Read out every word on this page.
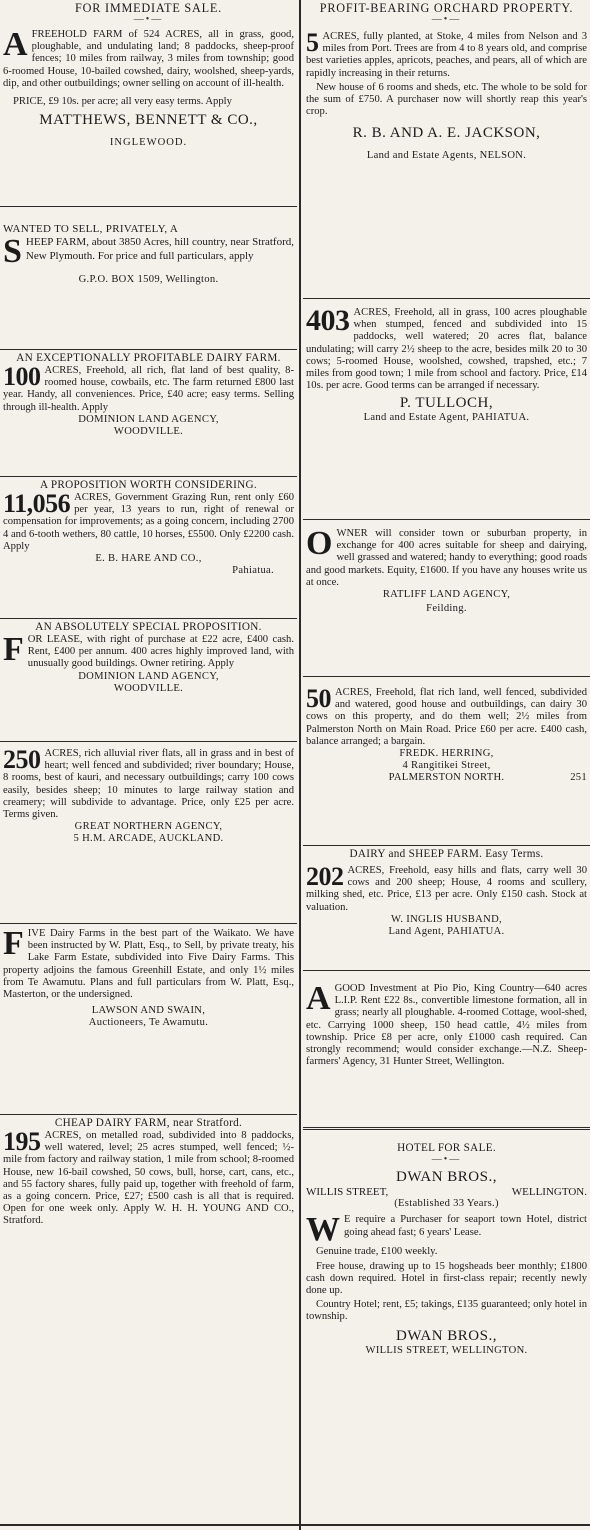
FOR IMMEDIATE SALE.
—•—
A FREEHOLD FARM of 524 ACRES, all in grass, good, ploughable, and undulating land; 8 paddocks, sheep-proof fences; 10 miles from railway, 3 miles from township; good 6-roomed House, 10-bailed cowshed, dairy, woolshed, sheep-yards, dip, and other outbuildings; owner selling on account of ill-health.
PRICE, £9 10s. per acre; all very easy terms. Apply
MATTHEWS, BENNETT & CO.,
INGLEWOOD.
WANTED TO SELL, PRIVATELY, A
S HEEP FARM, about 3850 Acres, hill country, near Stratford, New Plymouth. For price and full particulars, apply
G.P.O. BOX 1509, Wellington.
AN EXCEPTIONALLY PROFITABLE DAIRY FARM.
100 ACRES, Freehold, all rich, flat land of best quality, 8-roomed house, cowbails, etc. The farm returned £800 last year. Handy, all conveniences. Price, £40 acre; easy terms. Selling through ill-health. Apply
DOMINION LAND AGENCY,
WOODVILLE.
A PROPOSITION WORTH CONSIDERING.
11,056 ACRES, Government Grazing Run, rent only £60 per year, 13 years to run, right of renewal or compensation for improvements; as a going concern, including 2700 4 and 6-tooth wethers, 80 cattle, 10 horses, £5500. Only £2200 cash. Apply
E. B. HARE AND CO.,
Pahiatua.
AN ABSOLUTELY SPECIAL PROPOSITION.
F OR LEASE, with right of purchase at £22 acre, £400 cash. Rent, £400 per annum. 400 acres highly improved land, with unusually good buildings. Owner retiring. Apply
DOMINION LAND AGENCY,
WOODVILLE.
250 ACRES, rich alluvial river flats, all in grass and in best of heart; well fenced and subdivided; river boundary; House, 8 rooms, best of kauri, and necessary outbuildings; carry 100 cows easily, besides sheep; 10 minutes to large railway station and creamery; will subdivide to advantage. Price, only £25 per acre. Terms given.
GREAT NORTHERN AGENCY,
5 H.M. ARCADE, AUCKLAND.
F IVE Dairy Farms in the best part of the Waikato. We have been instructed by W. Platt, Esq., to Sell, by private treaty, his Lake Farm Estate, subdivided into Five Dairy Farms. This property adjoins the famous Greenhill Estate, and only 1½ miles from Te Awamutu. Plans and full particulars from W. Platt, Esq., Masterton, or the undersigned.
LAWSON AND SWAIN,
Auctioneers, Te Awamutu.
CHEAP DAIRY FARM, near Stratford.
195 ACRES, on metalled road, subdivided into 8 paddocks, well watered, level; 25 acres stumped, well fenced; ½-mile from factory and railway station, 1 mile from school; 8-roomed House, new 16-bail cowshed, 50 cows, bull, horse, cart, cans, etc., and 55 factory shares, fully paid up, together with freehold of farm, as a going concern. Price, £27; £500 cash is all that is required. Open for one week only. Apply W. H. H. YOUNG AND CO., Stratford.
PROFIT-BEARING ORCHARD PROPERTY.
—•—
5 ACRES, fully planted, at Stoke, 4 miles from Nelson and 3 miles from Port. Trees are from 4 to 8 years old, and comprise best varieties apples, apricots, peaches, and pears, all of which are rapidly increasing in their returns.
New house of 6 rooms and sheds, etc. The whole to be sold for the sum of £750. A purchaser now will shortly reap this year's crop.
R. B. AND A. E. JACKSON,
Land and Estate Agents, NELSON.
403 ACRES, Freehold, all in grass, 100 acres ploughable when stumped, fenced and subdivided into 15 paddocks, well watered; 20 acres flat, balance undulating; will carry 2½ sheep to the acre, besides milk 20 to 30 cows; 5-roomed House, woolshed, cowshed, trapshed, etc.; 7 miles from good town; 1 mile from school and factory. Price, £14 10s. per acre. Good terms can be arranged if necessary.
P. TULLOCH,
Land and Estate Agent, PAHIATUA.
O WNER will consider town or suburban property, in exchange for 400 acres suitable for sheep and dairying, well grassed and watered; handy to everything; good roads and good markets. Equity, £1600. If you have any houses write us at once.
RATLIFF LAND AGENCY,
Feilding.
50 ACRES, Freehold, flat rich land, well fenced, subdivided and watered, good house and outbuildings, can dairy 30 cows on this property, and do them well; 2½ miles from Palmerston North on Main Road. Price £60 per acre. £400 cash, balance arranged; a bargain.
FREDK. HERRING,
4 Rangitikei Street,
PALMERSTON NORTH.	251
DAIRY and SHEEP FARM. Easy Terms.
202 ACRES, Freehold, easy hills and flats, carry well 30 cows and 200 sheep; House, 4 rooms and scullery, milking shed, etc. Price, £13 per acre. Only £150 cash. Stock at valuation.
W. INGLIS HUSBAND,
Land Agent, PAHIATUA.
A GOOD Investment at Pio Pio, King Country—640 acres L.I.P. Rent £22 8s., convertible limestone formation, all in grass; nearly all ploughable. 4-roomed Cottage, wool-shed, etc. Carrying 1000 sheep, 150 head cattle, 4½ miles from township. Price £8 per acre, only £1000 cash required. Can strongly recommend; would consider exchange.—N.Z. Sheep-farmers' Agency, 31 Hunter Street, Wellington.
HOTEL FOR SALE.
—•—
DWAN BROS.,
WILLIS STREET,	WELLINGTON.
(Established 33 Years.)
W E require a Purchaser for seaport town Hotel, district going ahead fast; 6 years' Lease.
Genuine trade, £100 weekly.
Free house, drawing up to 15 hogsheads beer monthly; £1800 cash down required. Hotel in first-class repair; recently newly done up.
Country Hotel; rent, £5; takings, £135 guaranteed; only hotel in township.
DWAN BROS.,
WILLIS STREET, WELLINGTON.
